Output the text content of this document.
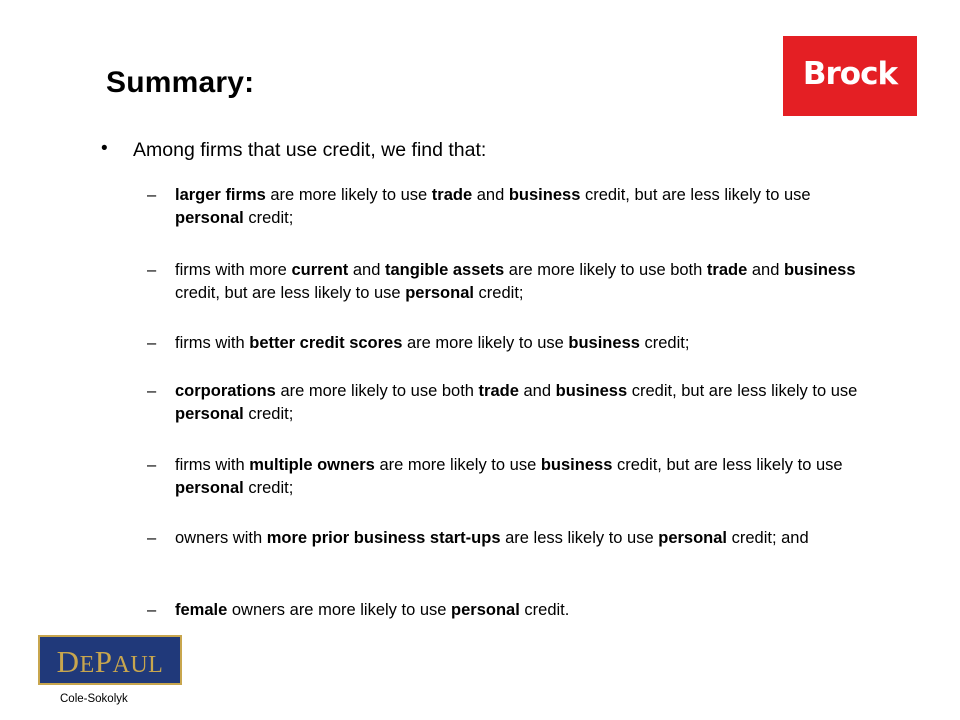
Summary:	Brock
• Among firms that use credit, we find that:
– larger firms are more likely to use trade and business credit, but are less likely to use personal credit;
– firms with more current and tangible assets are more likely to use both trade and business credit, but are less likely to use personal credit;
– firms with better credit scores are more likely to use business credit;
– corporations are more likely to use both trade and business credit, but are less likely to use personal credit;
– firms with multiple owners are more likely to use business credit, but are less likely to use personal credit;
– owners with more prior business start-ups are less likely to use personal credit; and
– female owners are more likely to use personal credit.
DEPAUL
Cole-Sokolyk
